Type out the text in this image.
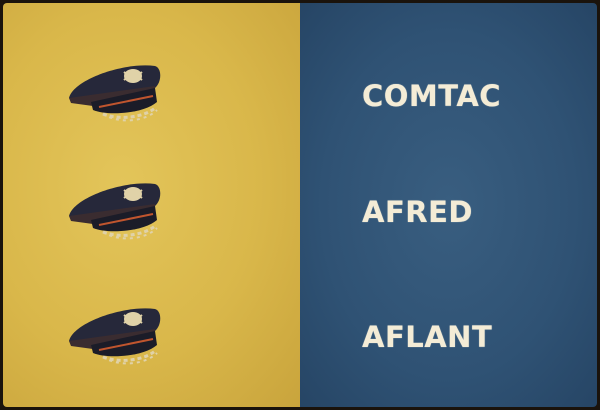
COMTAC
AFRED
AFLANT
